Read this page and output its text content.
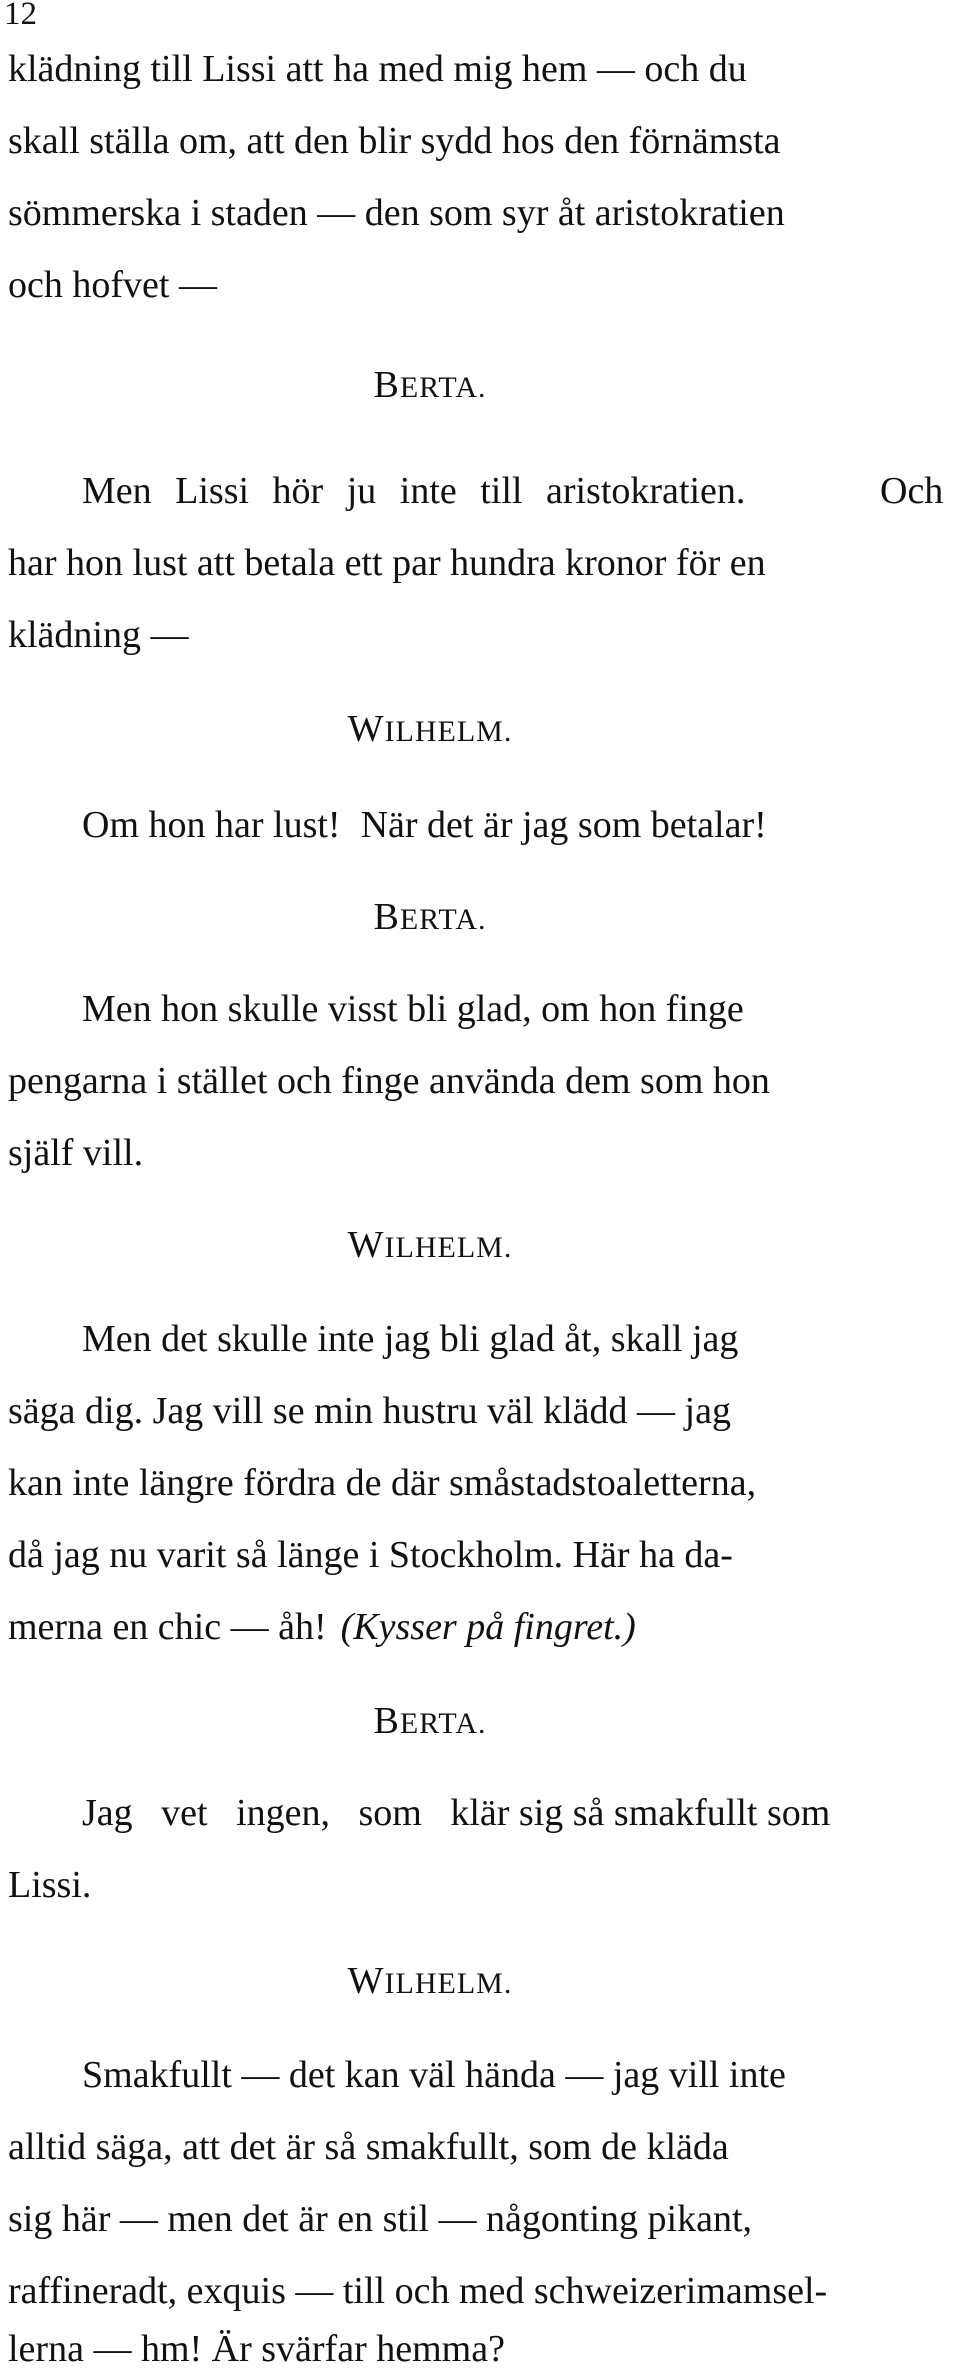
12
klädning till Lissi att ha med mig hem — och du
skall ställa om, att den blir sydd hos den förnämsta
sömmerska i staden — den som syr åt aristokratien
och hofvet —
BERTA.
Men Lissi hör ju inte till aristokratien.	Och
har hon lust att betala ett par hundra kronor för en
klädning —
WILHELM.
Om hon har lust! När det är jag som betalar!
BERTA.
Men hon skulle visst bli glad, om hon finge
pengarna i stället och finge använda dem som hon
själf vill.
WILHELM.
Men det skulle inte jag bli glad åt, skall jag
säga dig. Jag vill se min hustru väl klädd — jag
kan inte längre fördra de där småstadstoaletterna,
då jag nu varit så länge i Stockholm. Här ha da-
merna en chic — åh! (Kysser på fingret.)
BERTA.
Jag   vet   ingen,   som   klär sig så smakfullt som
Lissi.
WILHELM.
Smakfullt — det kan väl hända — jag vill inte
alltid säga, att det är så smakfullt, som de kläda
sig här — men det är en stil — någonting pikant,
raffineradt, exquis — till och med schweizerimamsel-
lerna — hm! Är svärfar hemma?
